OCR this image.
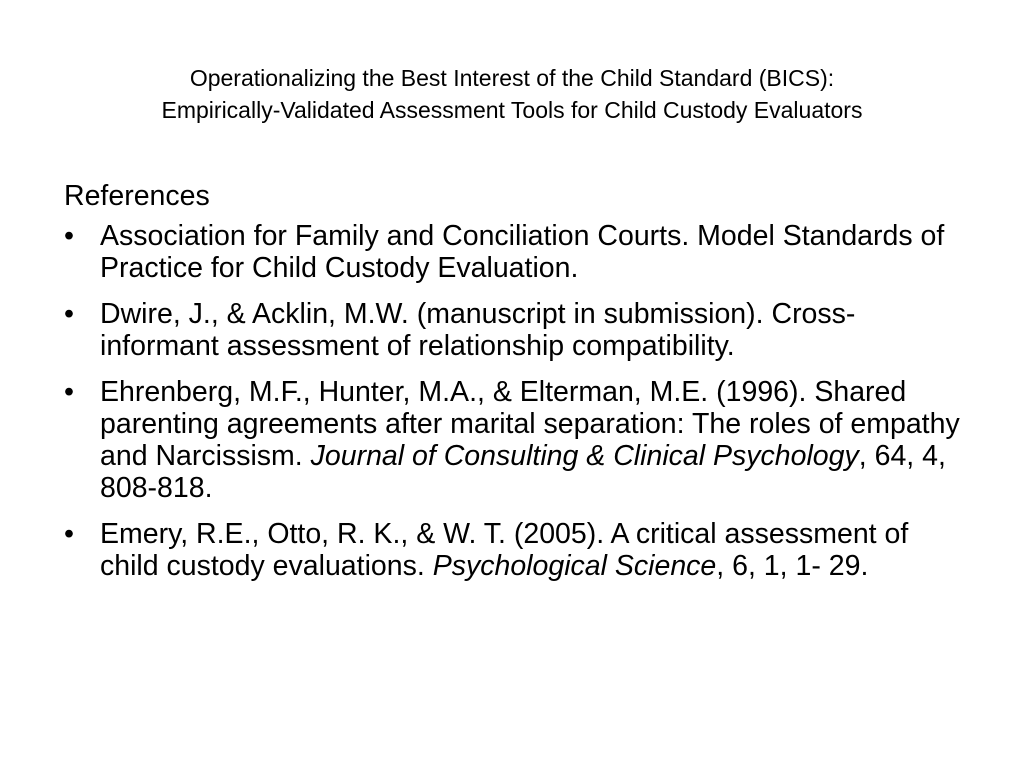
Operationalizing the Best Interest of the Child Standard (BICS):
Empirically-Validated Assessment Tools for Child Custody Evaluators
References
• Association for Family and Conciliation Courts. Model Standards of Practice for Child Custody Evaluation.
• Dwire, J., & Acklin, M.W. (manuscript in submission). Cross-informant assessment of relationship compatibility.
• Ehrenberg, M.F., Hunter, M.A., & Elterman, M.E. (1996). Shared parenting agreements after marital separation: The roles of empathy and Narcissism. Journal of Consulting & Clinical Psychology, 64, 4, 808-818.
• Emery, R.E., Otto, R. K., & W. T. (2005). A critical assessment of child custody evaluations. Psychological Science, 6, 1, 1- 29.
